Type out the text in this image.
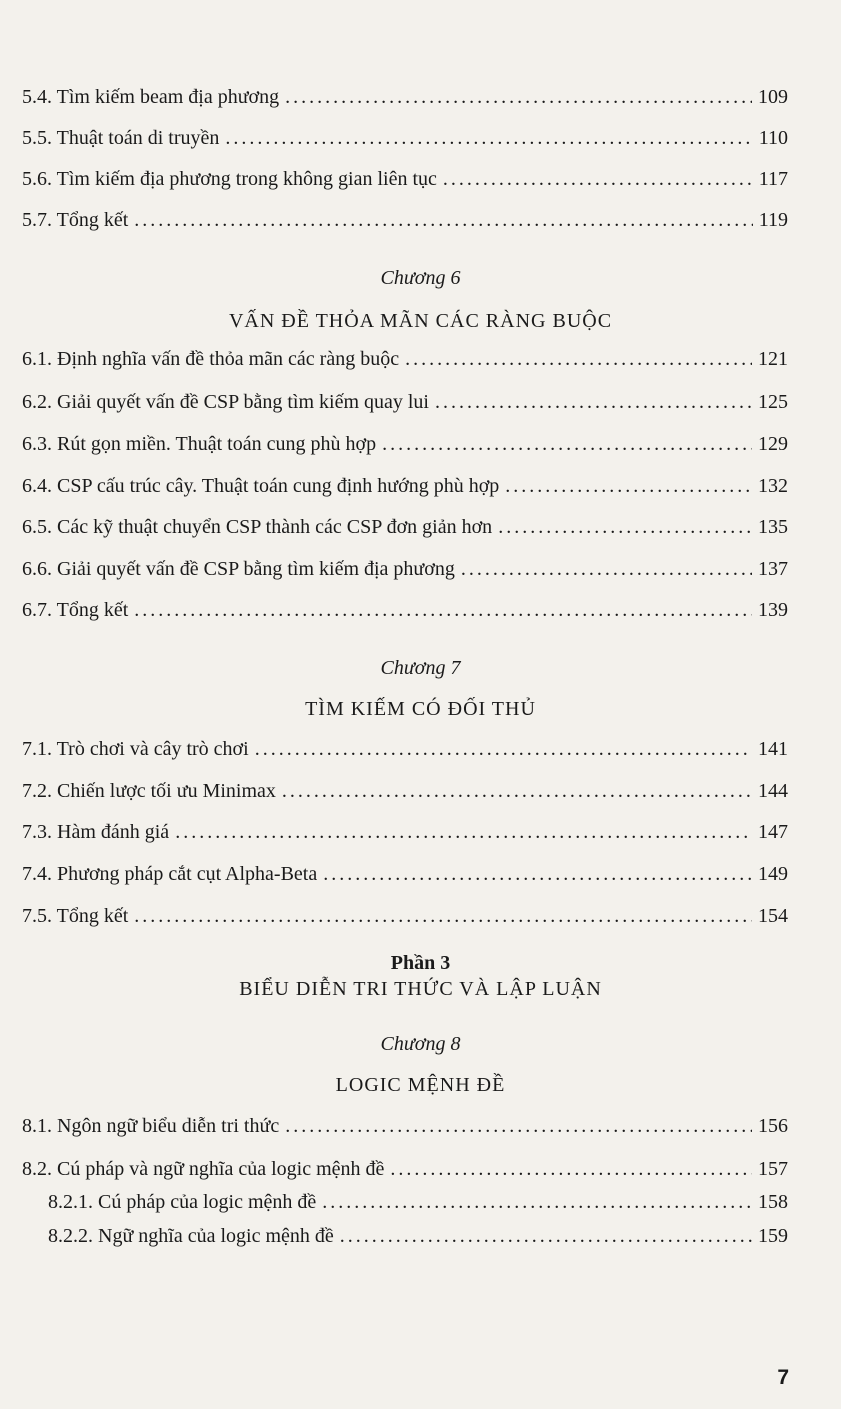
5.4. Tìm kiếm beam địa phương . . .	109
5.5. Thuật toán di truyền . . .	110
5.6. Tìm kiếm địa phương trong không gian liên tục . . .	117
5.7. Tổng kết . . .	119
Chương 6
VẤN ĐỀ THỎA MÃN CÁC RÀNG BUỘC
6.1. Định nghĩa vấn đề thỏa mãn các ràng buộc . . .	121
6.2. Giải quyết vấn đề CSP bằng tìm kiếm quay lui . . .	125
6.3. Rút gọn miền. Thuật toán cung phù hợp . . .	129
6.4. CSP cấu trúc cây. Thuật toán cung định hướng phù hợp . . .	132
6.5. Các kỹ thuật chuyển CSP thành các CSP đơn giản hơn . . .	135
6.6. Giải quyết vấn đề CSP bằng tìm kiếm địa phương . . .	137
6.7. Tổng kết . . .	139
Chương 7
TÌM KIẾM CÓ ĐỐI THỦ
7.1. Trò chơi và cây trò chơi . . .	141
7.2. Chiến lược tối ưu Minimax . . .	144
7.3. Hàm đánh giá . . .	147
7.4. Phương pháp cắt cụt Alpha-Beta . . .	149
7.5. Tổng kết . . .	154
Phần 3
BIỂU DIỄN TRI THỨC VÀ LẬP LUẬN
Chương 8
LOGIC MỆNH ĐỀ
8.1. Ngôn ngữ biểu diễn tri thức . . .	156
8.2. Cú pháp và ngữ nghĩa của logic mệnh đề . . .	157
8.2.1. Cú pháp của logic mệnh đề . . .	158
8.2.2. Ngữ nghĩa của logic mệnh đề . . .	159
7
